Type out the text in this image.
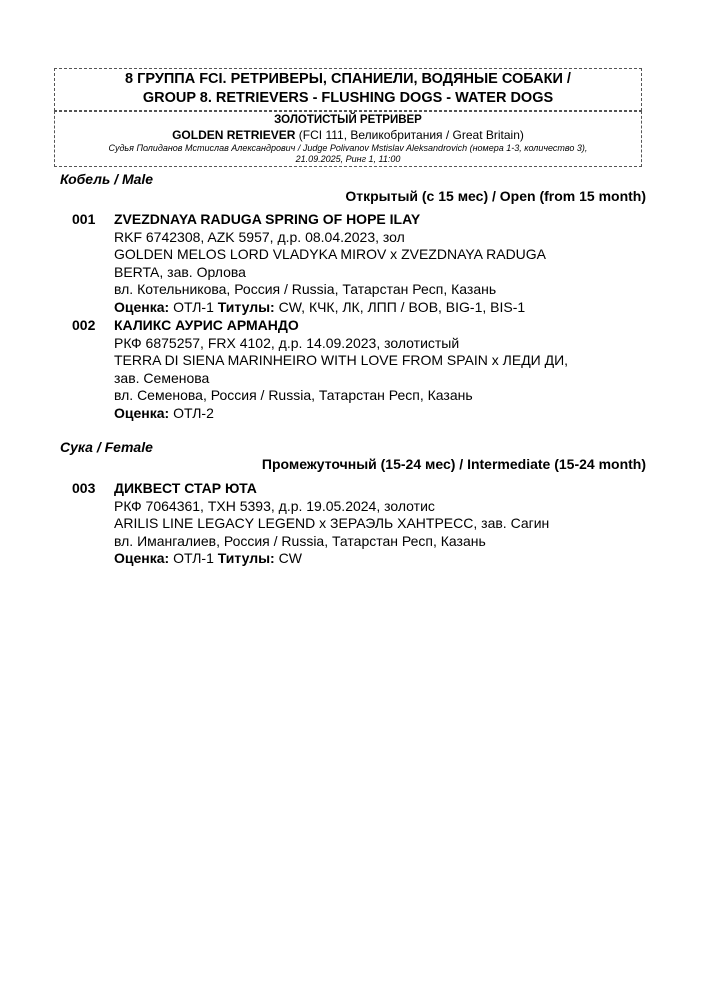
8 ГРУППА FCI. РЕТРИВЕРЫ, СПАНИЕЛИ, ВОДЯНЫЕ СОБАКИ /
GROUP 8. RETRIEVERS - FLUSHING DOGS - WATER DOGS
ЗОЛОТИСТЫЙ РЕТРИВЕР
GOLDEN RETRIEVER (FCI 111, Великобритания / Great Britain)
Судья Полиданов Мстислав Александрович / Judge Polivanov Mstislav Aleksandrovich (номера 1-3, количество 3),
21.09.2025, Ринг 1, 11:00
Кобель / Male
Открытый (с 15 мес) / Open (from 15 month)
001 ZVEZDNAYA RADUGA SPRING OF HOPE ILAY
RKF 6742308, AZK 5957, д.р. 08.04.2023, зол
GOLDEN MELOS LORD VLADYKA MIROV x ZVEZDNAYA RADUGA
BERTA, зав. Орлова
вл. Котельникова, Россия / Russia, Татарстан Респ, Казань
Оценка: ОТЛ-1 Титулы: CW, КЧК, ЛК, ЛПП / BOB, BIG-1, BIS-1
002 КАЛИКС АУРИС АРМАНДО
РКФ 6875257, FRX 4102, д.р. 14.09.2023, золотистый
TERRA DI SIENA MARINHEIRO WITH LOVE FROM SPAIN x ЛЕДИ ДИ,
зав. Семенова
вл. Семенова, Россия / Russia, Татарстан Респ, Казань
Оценка: ОТЛ-2
Сука / Female
Промежуточный (15-24 мес) / Intermediate (15-24 month)
003 ДИКВЕСТ СТАР ЮТА
РКФ 7064361, TXH 5393, д.р. 19.05.2024, золотис
ARILIS LINE LEGACY LEGEND x ЗЕРАЭЛЬ ХАНТРЕСС, зав. Сагин
вл. Имангалиев, Россия / Russia, Татарстан Респ, Казань
Оценка: ОТЛ-1 Титулы: CW
